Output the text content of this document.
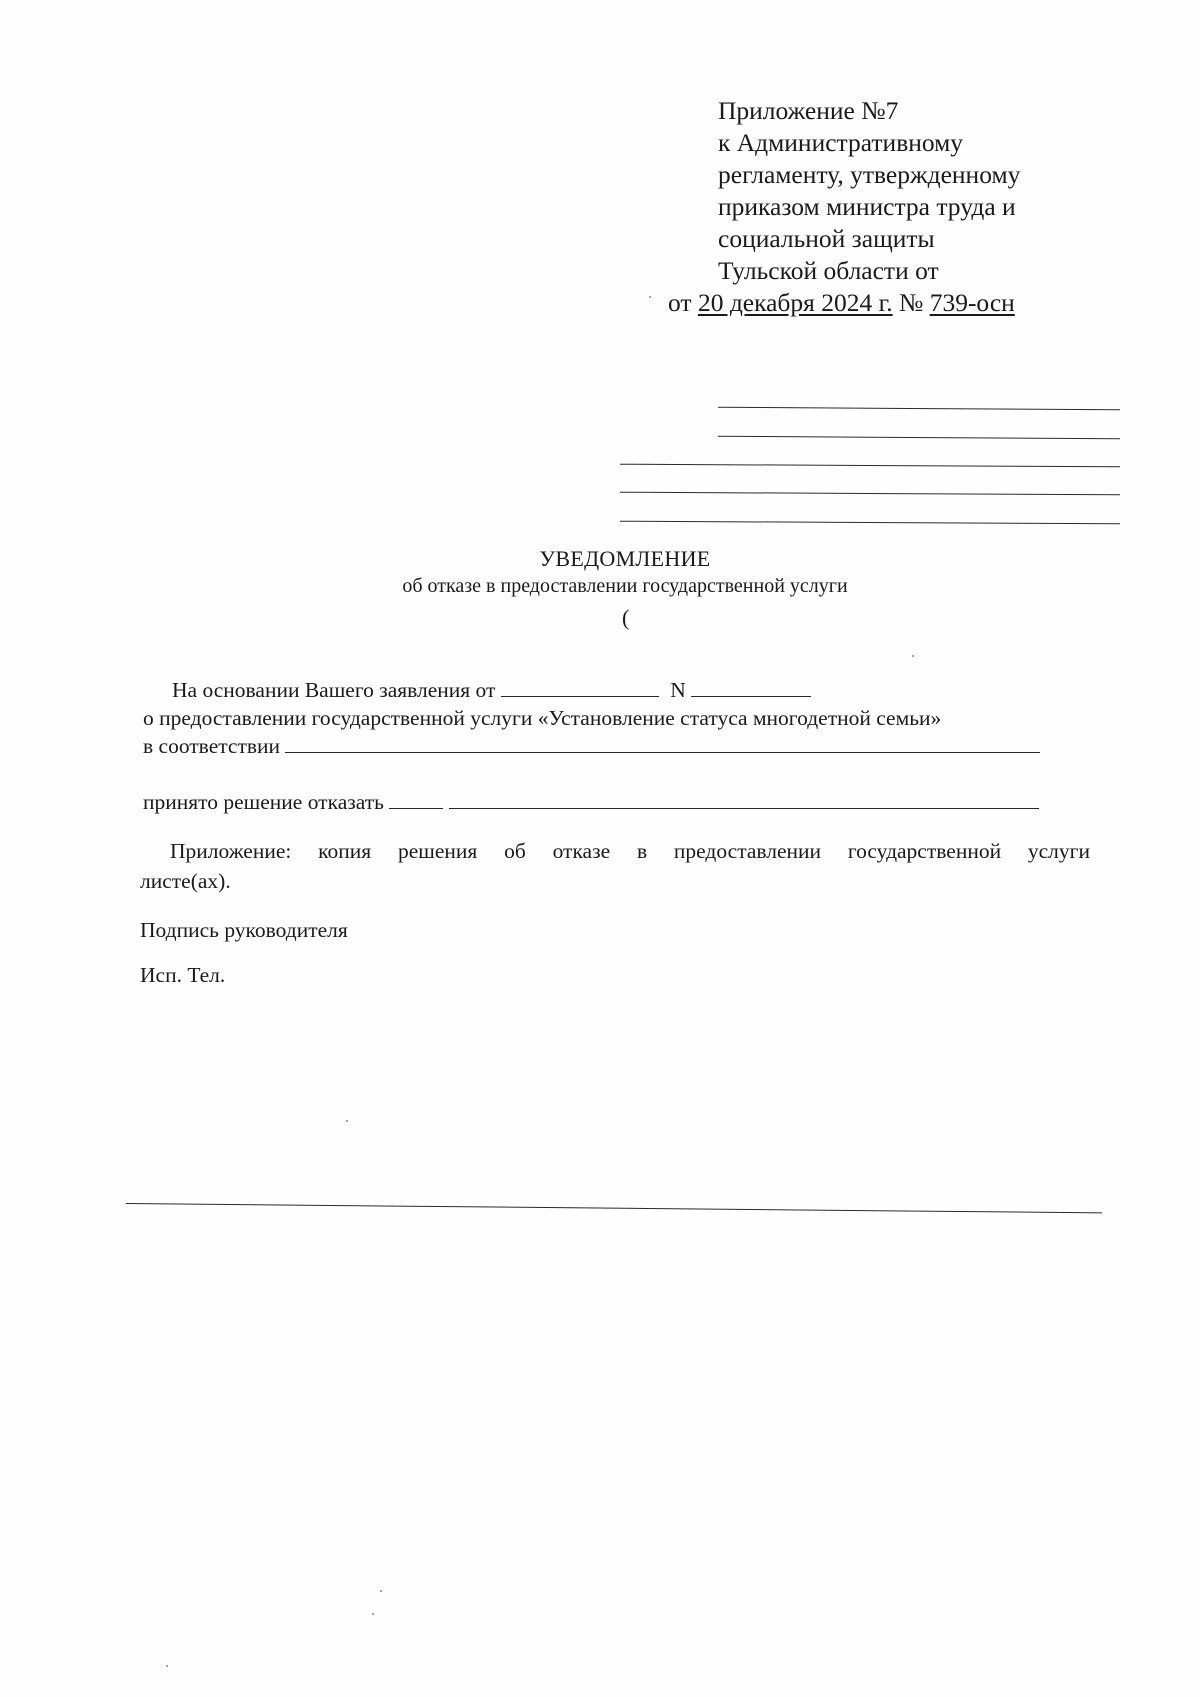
Приложение №7
к Административному
регламенту, утвержденному
приказом министра труда и
социальной защиты
Тульской области от
от 20 декабря 2024 г. № 739-осн
УВЕДОМЛЕНИЕ
об отказе в предоставлении государственной услуги
(
На основании Вашего заявления от	N
о предоставлении государственной услуги «Установление статуса многодетной семьи»
в соответствии
принято решение отказать
Приложение: копия решения об отказе в предоставлении государственной услуги
листе(ах).
Подпись руководителя
Исп. Тел.
